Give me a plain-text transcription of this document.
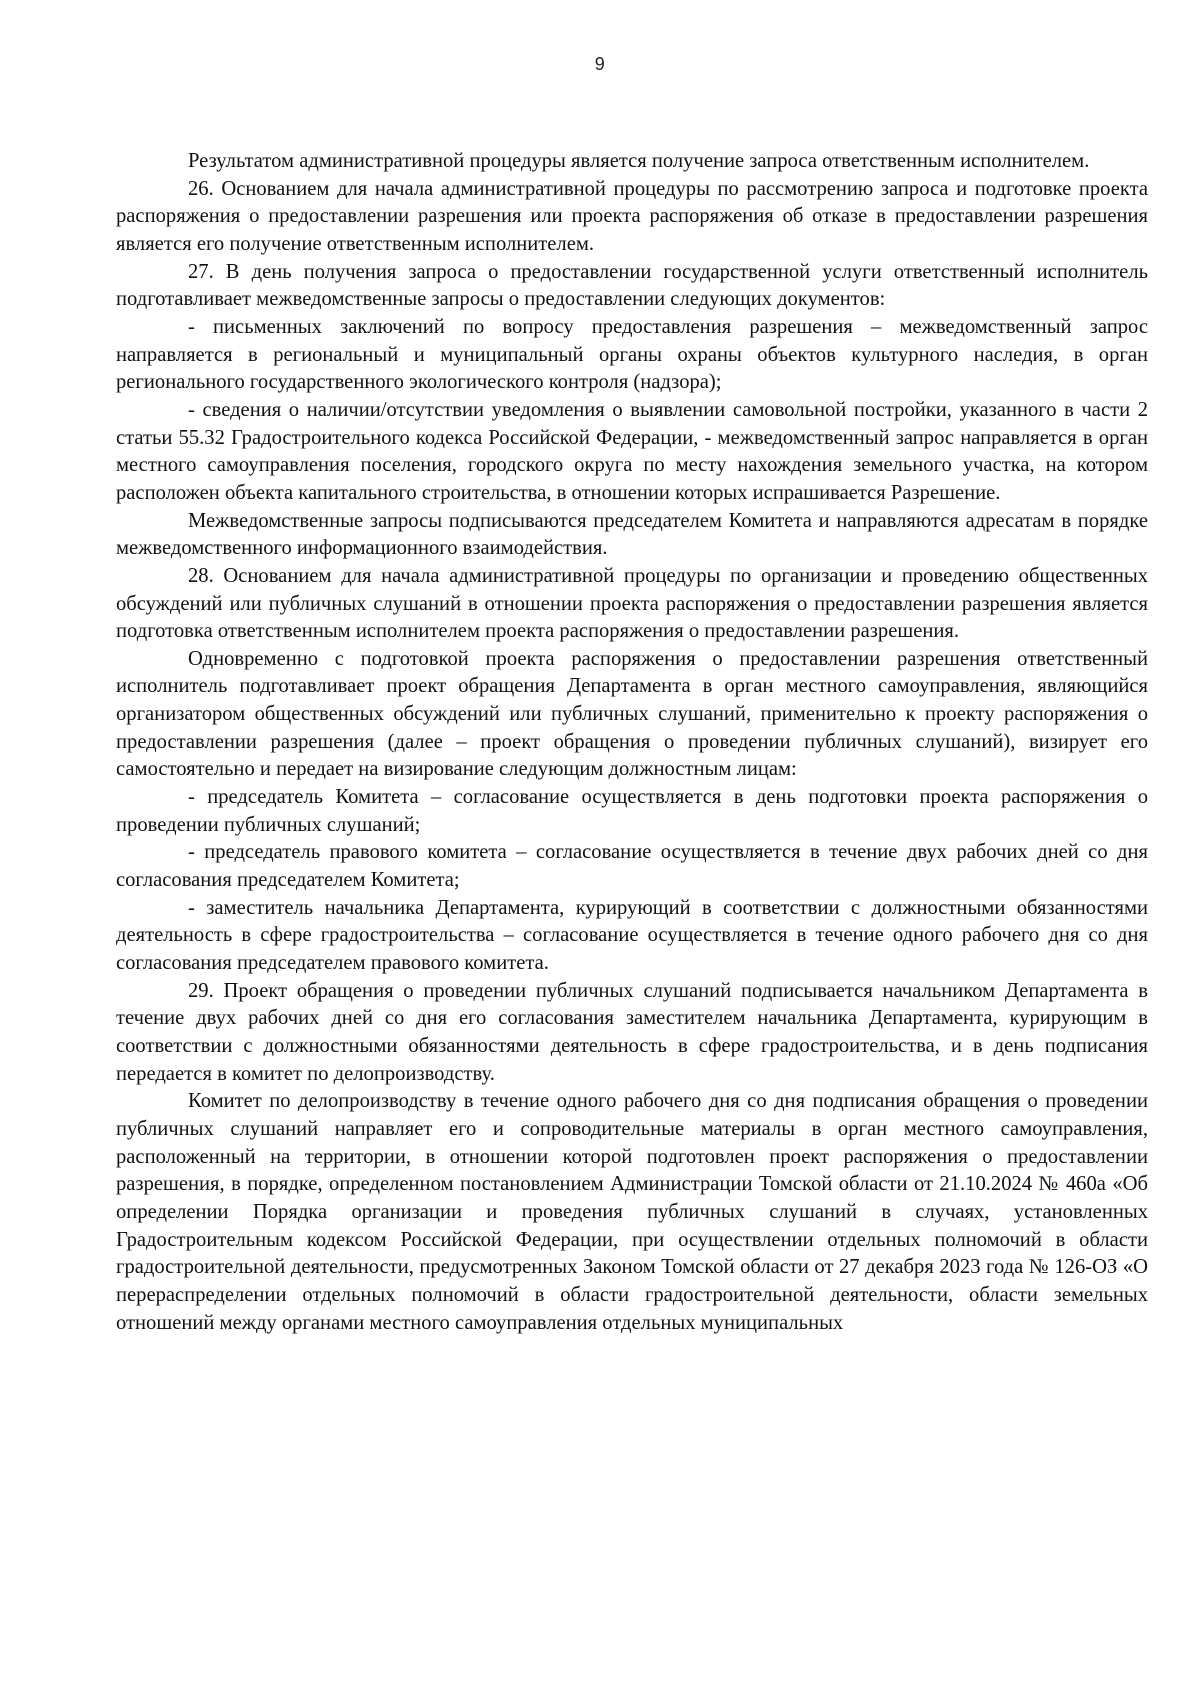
9

Результатом административной процедуры является получение запроса ответственным исполнителем.

26. Основанием для начала административной процедуры по рассмотрению запроса и подготовке проекта распоряжения о предоставлении разрешения или проекта распоряжения об отказе в предоставлении разрешения является его получение ответственным исполнителем.

27. В день получения запроса о предоставлении государственной услуги ответственный исполнитель подготавливает межведомственные запросы о предоставлении следующих документов:

- письменных заключений по вопросу предоставления разрешения – межведомственный запрос направляется в региональный и муниципальный органы охраны объектов культурного наследия, в орган регионального государственного экологического контроля (надзора);

- сведения о наличии/отсутствии уведомления о выявлении самовольной постройки, указанного в части 2 статьи 55.32 Градостроительного кодекса Российской Федерации, - межведомственный запрос направляется в орган местного самоуправления поселения, городского округа по месту нахождения земельного участка, на котором расположен объекта капитального строительства, в отношении которых испрашивается Разрешение.

Межведомственные запросы подписываются председателем Комитета и направляются адресатам в порядке межведомственного информационного взаимодействия.

28. Основанием для начала административной процедуры по организации и проведению общественных обсуждений или публичных слушаний в отношении проекта распоряжения о предоставлении разрешения является подготовка ответственным исполнителем проекта распоряжения о предоставлении разрешения.

Одновременно с подготовкой проекта распоряжения о предоставлении разрешения ответственный исполнитель подготавливает проект обращения Департамента в орган местного самоуправления, являющийся организатором общественных обсуждений или публичных слушаний, применительно к проекту распоряжения о предоставлении разрешения (далее – проект обращения о проведении публичных слушаний), визирует его самостоятельно и передает на визирование следующим должностным лицам:

- председатель Комитета – согласование осуществляется в день подготовки проекта распоряжения о проведении публичных слушаний;

- председатель правового комитета – согласование осуществляется в течение двух рабочих дней со дня согласования председателем Комитета;

- заместитель начальника Департамента, курирующий в соответствии с должностными обязанностями деятельность в сфере градостроительства – согласование осуществляется в течение одного рабочего дня со дня согласования председателем правового комитета.

29. Проект обращения о проведении публичных слушаний подписывается начальником Департамента в течение двух рабочих дней со дня его согласования заместителем начальника Департамента, курирующим в соответствии с должностными обязанностями деятельность в сфере градостроительства, и в день подписания передается в комитет по делопроизводству.

Комитет по делопроизводству в течение одного рабочего дня со дня подписания обращения о проведении публичных слушаний направляет его и сопроводительные материалы в орган местного самоуправления, расположенный на территории, в отношении которой подготовлен проект распоряжения о предоставлении разрешения, в порядке, определенном постановлением Администрации Томской области от 21.10.2024 № 460а «Об определении Порядка организации и проведения публичных слушаний в случаях, установленных Градостроительным кодексом Российской Федерации, при осуществлении отдельных полномочий в области градостроительной деятельности, предусмотренных Законом Томской области от 27 декабря 2023 года № 126-ОЗ «О перераспределении отдельных полномочий в области градостроительной деятельности, области земельных отношений между органами местного самоуправления отдельных муниципальных
